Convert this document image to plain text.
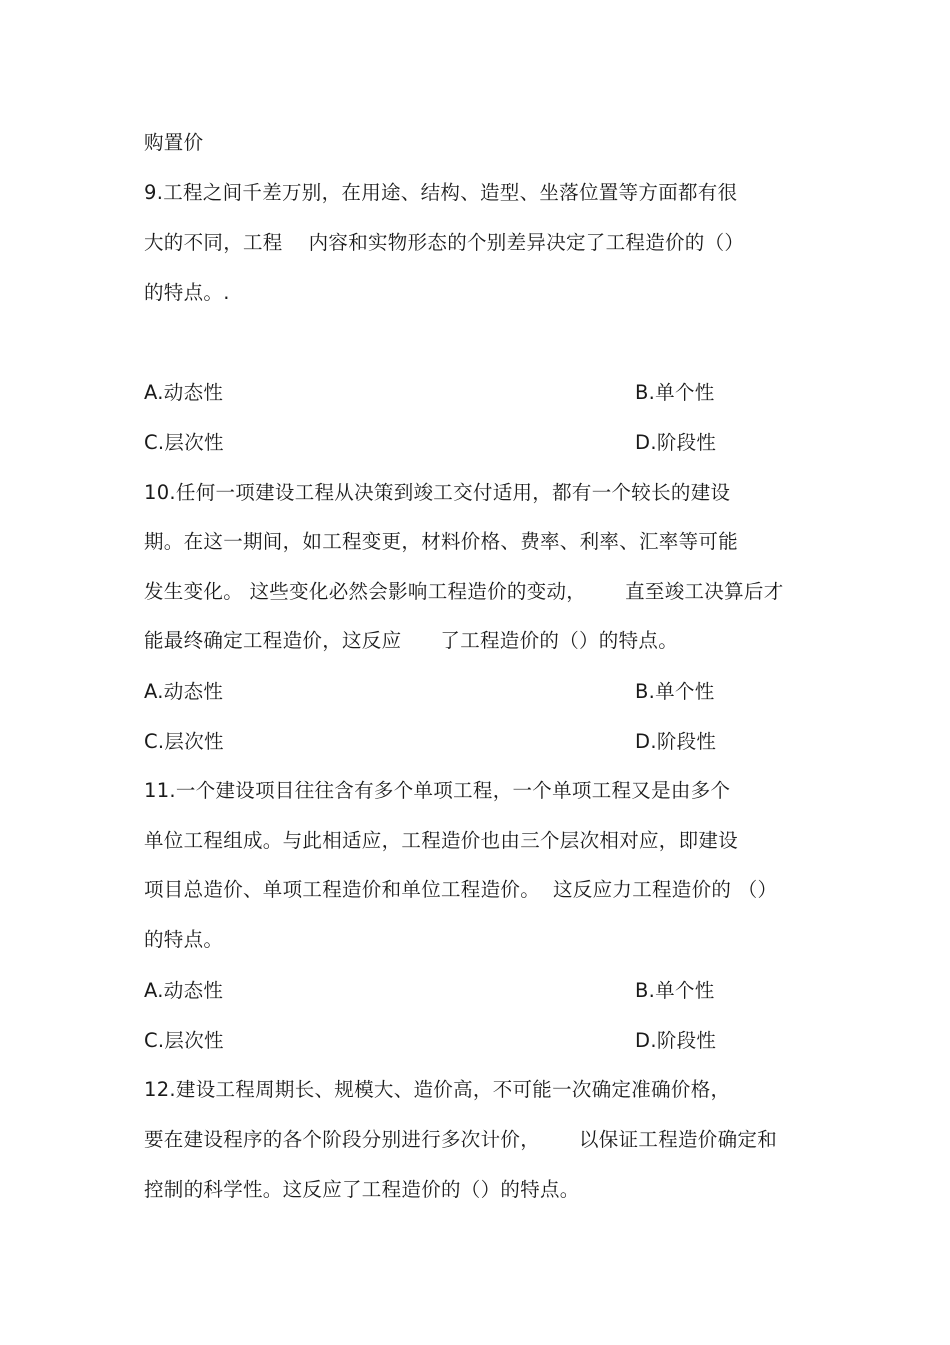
购置价
9.工程之间千差万别，在用途、结构、造型、坐落位置等方面都有很
大的不同，工程    内容和实物形态的个别差异决定了工程造价的（）
的特点。.
A.动态性	B.单个性
C.层次性	D.阶段性
10.任何一项建设工程从决策到竣工交付适用，都有一个较长的建设
期。在这一期间，如工程变更，材料价格、费率、利率、汇率等可能
发生变化。 这些变化必然会影响工程造价的变动，      直至竣工决算后才
能最终确定工程造价，这反应      了工程造价的（）的特点。
A.动态性	B.单个性
C.层次性	D.阶段性
11.一个建设项目往往含有多个单项工程，一个单项工程又是由多个
单位工程组成。与此相适应，工程造价也由三个层次相对应，即建设
项目总造价、单项工程造价和单位工程造价。  这反应力工程造价的 （）
的特点。
A.动态性	B.单个性
C.层次性	D.阶段性
12.建设工程周期长、规模大、造价高，不可能一次确定准确价格，
要在建设程序的各个阶段分别进行多次计价，      以保证工程造价确定和
控制的科学性。这反应了工程造价的（）的特点。
